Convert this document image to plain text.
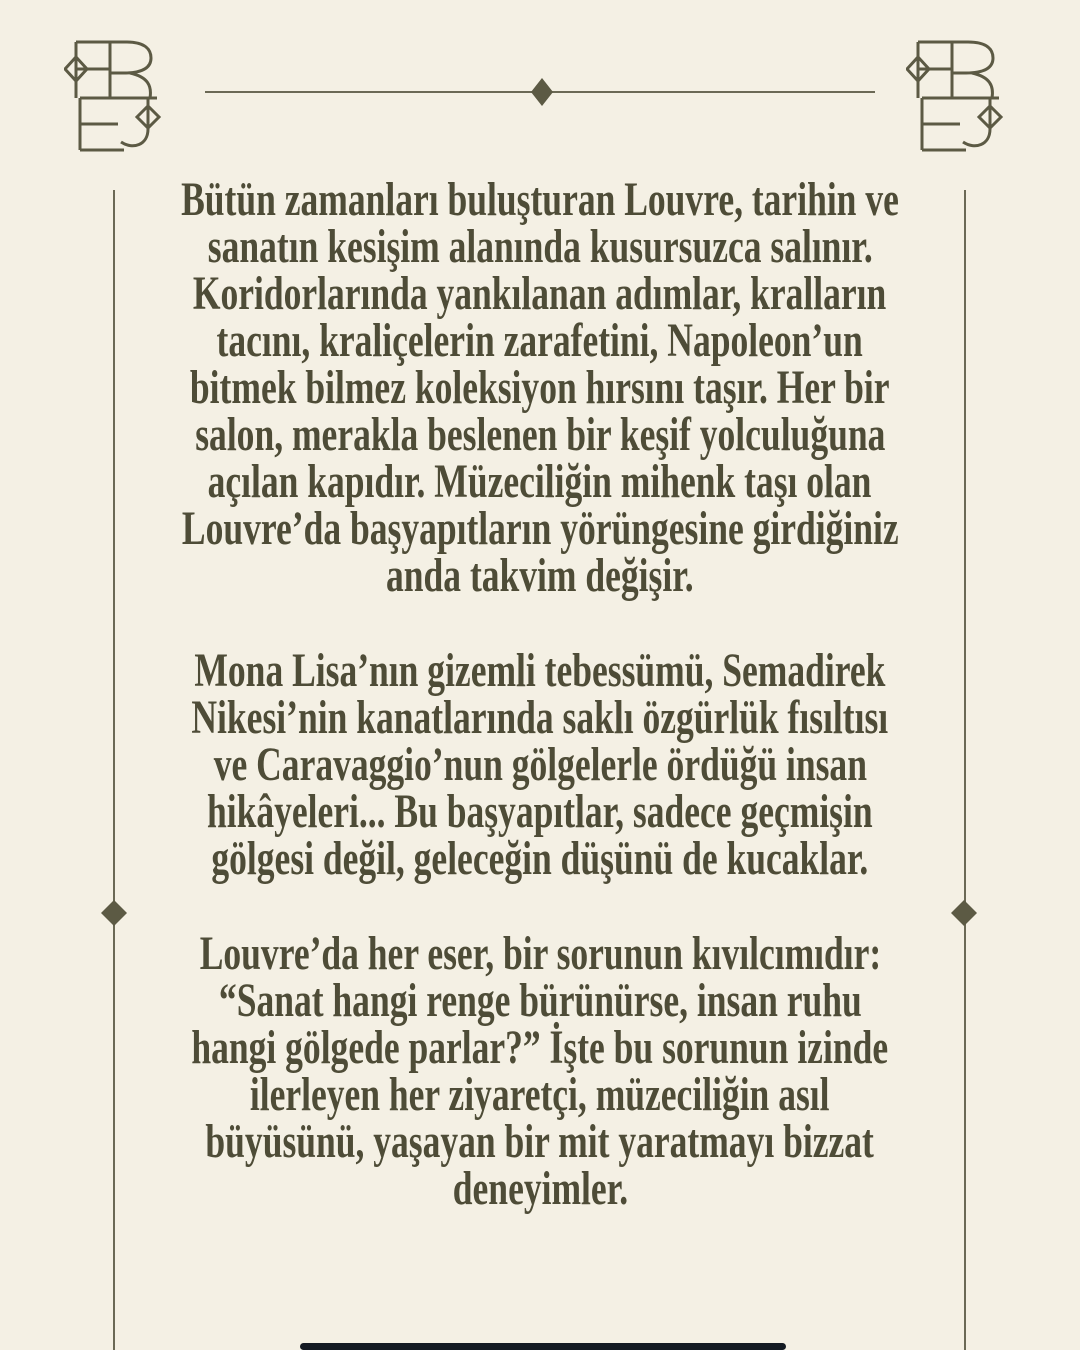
Bütün zamanları buluşturan Louvre, tarihin ve
sanatın kesişim alanında kusursuzca salınır.
Koridorlarında yankılanan adımlar, kralların
tacını, kraliçelerin zarafetini, Napoleon’un
bitmek bilmez koleksiyon hırsını taşır. Her bir
salon, merakla beslenen bir keşif yolculuğuna
açılan kapıdır. Müzeciliğin mihenk taşı olan
Louvre’da başyapıtların yörüngesine girdiğiniz
anda takvim değişir.
Mona Lisa’nın gizemli tebessümü, Semadirek
Nikesi’nin kanatlarında saklı özgürlük fısıltısı
ve Caravaggio’nun gölgelerle ördüğü insan
hikâyeleri... Bu başyapıtlar, sadece geçmişin
gölgesi değil, geleceğin düşünü de kucaklar.
Louvre’da her eser, bir sorunun kıvılcımıdır:
“Sanat hangi renge bürünürse, insan ruhu
hangi gölgede parlar?” İşte bu sorunun izinde
ilerleyen her ziyaretçi, müzeciliğin asıl
büyüsünü, yaşayan bir mit yaratmayı bizzat
deneyimler.
